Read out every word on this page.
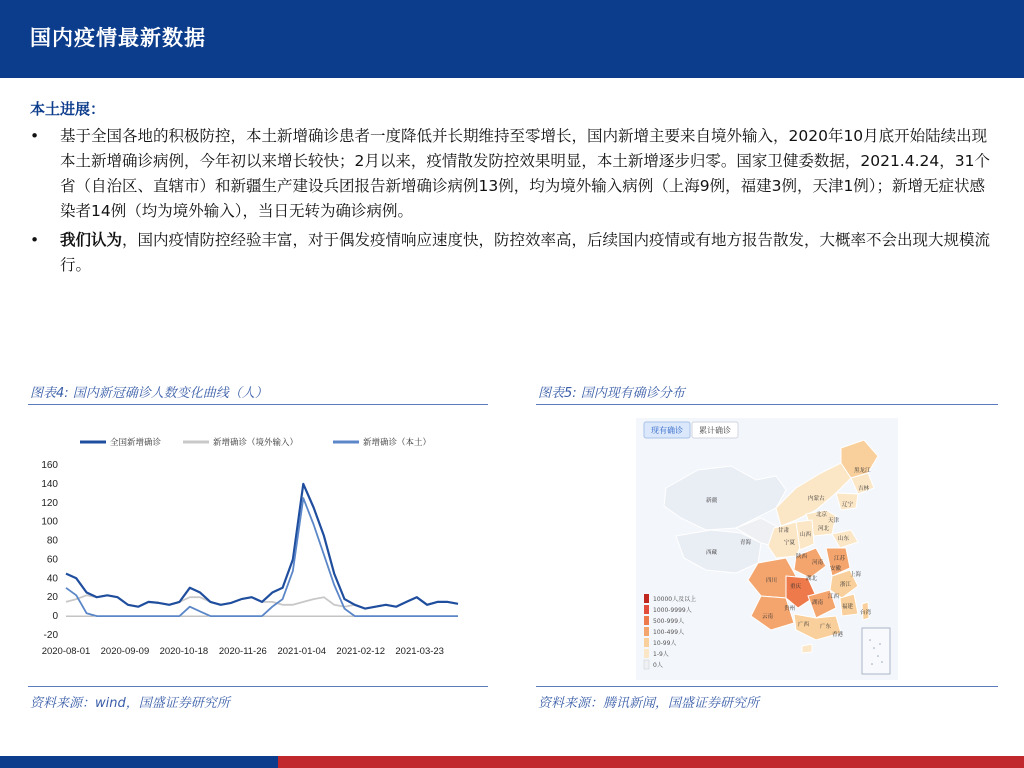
国内疫情最新数据
本土进展：
• 基于全国各地的积极防控，本土新增确诊患者一度降低并长期维持至零增长，国内新增主要来自境外输入，2020年10月底开始陆续出现本土新增确诊病例，今年初以来增长较快；2月以来，疫情散发防控效果明显，本土新增逐步归零。国家卫健委数据，2021.4.24，31个省（自治区、直辖市）和新疆生产建设兵团报告新增确诊病例13例，均为境外输入病例（上海9例，福建3例，天津1例）；新增无症状感染者14例（均为境外输入），当日无转为确诊病例。
• 我们认为，国内疫情防控经验丰富，对于偶发疫情响应速度快，防控效率高，后续国内疫情或有地方报告散发，大概率不会出现大规模流行。
图表4: 国内新冠确诊人数变化曲线（人）
全国新增确诊	新增确诊（境外输入）	新增确诊（本土）
-20
0
20
40
60
80
100
120
140
160
2020-08-01 2020-09-09 2020-10-18 2020-11-26 2021-01-04 2021-02-12 2021-03-23
资料来源：wind，国盛证券研究所
图表5: 国内现有确诊分布
现有确诊 累计确诊
黑龙江
吉林
辽宁
内蒙古
北京
天津
河北
新疆
甘肃
宁夏
山西
山东
青海
陕西
河南
江苏
上海
安徽
湖北
浙江
四川
重庆
西藏
湖南
江西
福建
贵州
云南
广西 广东
台湾
香港
10000人及以上
1000-9999人
500-999人
100-499人
10-99人
1-9人
0人
资料来源：腾讯新闻，国盛证券研究所
